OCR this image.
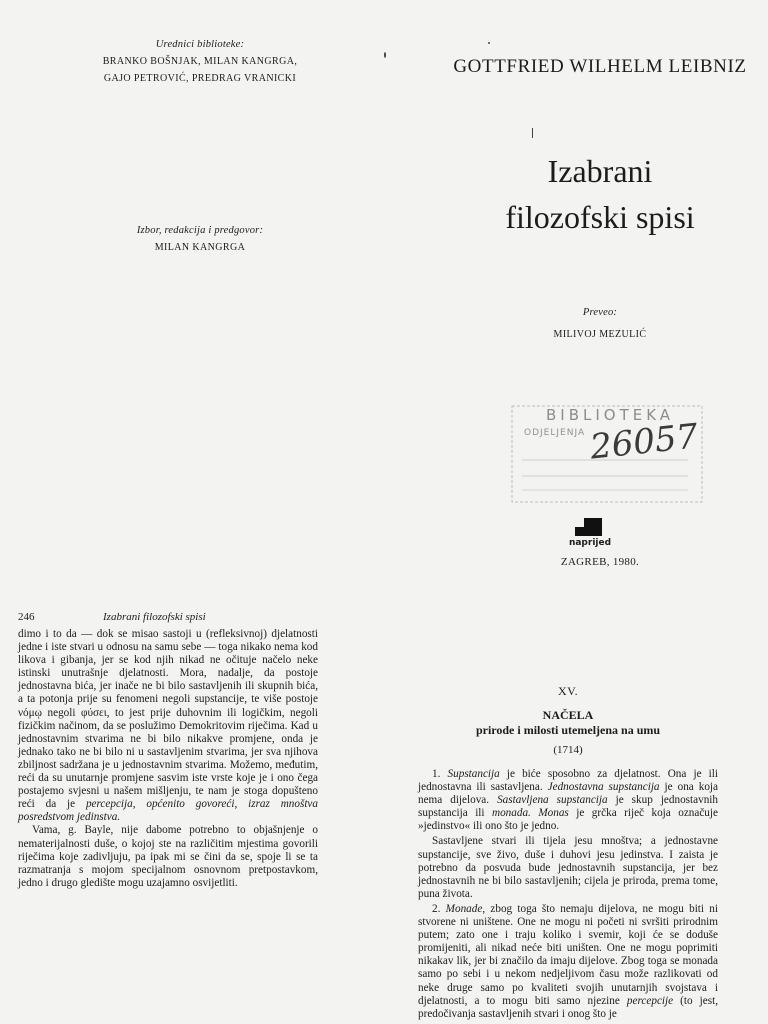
Urednici biblioteke:
BRANKO BOŠNJAK, MILAN KANGRGA,
GAJO PETROVIĆ, PREDRAG VRANICKI
Izbor, redakcija i predgovor:
MILAN KANGRGA
GOTTFRIED WILHELM LEIBNIZ
Izabrani
filozofski spisi
Preveo:
MILIVOJ MEZULIĆ
BIBLIOTEKA
ODJELJENJA 26057
naprijed
ZAGREB, 1980.
246	Izabrani filozofski spisi

dimo i to da — dok se misao sastoji u (refleksivnoj) djelatnosti jedne i iste stvari u odnosu na samu sebe — toga nikako nema kod likova i gibanja, jer se kod njih nikad ne očituje načelo neke istinski unutrašnje djelatnosti. Mora, nadalje, da postoje jednostavna bića, jer inače ne bi bilo sastavljenih ili skupnih bića, a ta potonja prije su fenomeni negoli supstancije, te više postoje νόμῳ negoli φύσει, to jest prije duhovnim ili logičkim, negoli fizičkim načinom, da se poslužimo Demokritovim riječima. Kad u jednostavnim stvarima ne bi bilo nikakve promjene, onda je jednako tako ne bi bilo ni u sastavljenim stvarima, jer sva njihova zbiljnost sadržana je u jednostavnim stvarima. Možemo, međutim, reći da su unutarnje promjene sasvim iste vrste koje je i ono čega postajemo svjesni u našem mišljenju, te nam je stoga dopušteno reći da je percepcija, općenito govoreći, izraz mnoštva posredstvom jedinstva.

Vama, g. Bayle, nije dabome potrebno to objašnjenje o nematerijalnosti duše, o kojoj ste na različitim mjestima govorili riječima koje zadivljuju, pa ipak mi se čini da se, spoje li se ta razmatranja s mojom specijalnom osnovnom pretpostavkom, jedno i drugo gledište mogu uzajamno osvijetliti.

XV.
NAČELA
prirode i milosti utemeljena na umu
(1714)

1. Supstancija je biće sposobno za djelatnost. Ona je ili jednostavna ili sastavljena. Jednostavna supstancija je ona koja nema dijelova. Sastavljena supstancija je skup jednostavnih supstancija ili monada. Monas je grčka riječ koja označuje »jedinstvo« ili ono što je jedno.

Sastavljene stvari ili tijela jesu mnoštva; a jednostavne supstancije, sve živo, duše i duhovi jesu jedinstva. I zaista je potrebno da posvuda bude jednostavnih supstancija, jer bez jednostavnih ne bi bilo sastavljenih; cijela je priroda, prema tome, puna života.

2. Monade, zbog toga što nemaju dijelova, ne mogu biti ni stvorene ni uništene. One ne mogu ni početi ni svršiti prirodnim putem; zato one i traju koliko i svemir, koji će se dodušе promijeniti, ali nikad neće biti uništen. One ne mogu poprimiti nikakav lik, jer bi značilo da imaju dijelove. Zbog toga se monada samo po sebi i u nekom nedjeljivom času može razlikovati od neke druge samo po kvaliteti svojih unutarnjih svojstava i djelatnosti, a to mogu biti samo njezine percepcije (to jest, predočivanja sastavljenih stvari i onog što je
